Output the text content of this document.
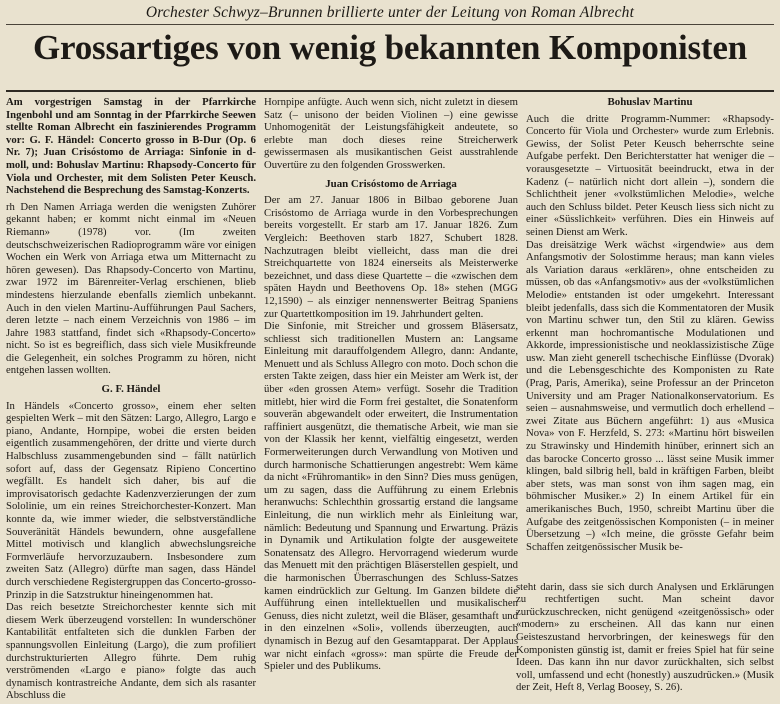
Orchester Schwyz–Brunnen brillierte unter der Leitung von Roman Albrecht
Grossartiges von wenig bekannten Komponisten

Am vorgestrigen Samstag in der Pfarrkirche Ingenbohl und am Sonntag in der Pfarrkirche Seewen stellte Roman Albrecht ein faszinierendes Programm vor: G. F. Händel: Concerto grosso in B-Dur (Op. 6 Nr. 7); Juan Crisóstomo de Arriaga: Sinfonie in d-moll, und: Bohuslav Martinu: Rhapsody-Concerto für Viola und Orchester, mit dem Solisten Peter Keusch. Nachstehend die Besprechung des Samstag-Konzerts.

rh Den Namen Arriaga werden die wenigsten Zuhörer gekannt haben; er kommt nicht einmal im «Neuen Riemann» (1978) vor. (Im zweiten deutschschweizerischen Radioprogramm wäre vor einigen Wochen ein Werk von Arriaga etwa um Mitternacht zu hören gewesen). Das Rhapsody-Concerto von Martinu, zwar 1972 im Bärenreiter-Verlag erschienen, blieb mindestens hierzulande ebenfalls ziemlich unbekannt. Auch in den vielen Martinu-Aufführungen Paul Sachers, deren letzte – nach einem Verzeichnis von 1986 – im Jahre 1983 stattfand, findet sich «Rhapsody-Concerto» nicht. So ist es begreiflich, dass sich viele Musikfreunde die Gelegenheit, ein solches Programm zu hören, nicht entgehen lassen wollten.

G. F. Händel

In Händels «Concerto grosso», einem eher selten gespielten Werk – mit den Sätzen: Largo, Allegro, Largo e piano, Andante, Hornpipe, wobei die ersten beiden eigentlich zusammengehören, der dritte und vierte durch Halbschluss zusammengebunden sind – fällt natürlich sofort auf, dass der Gegensatz Ripieno Concertino wegfällt. Es handelt sich daher, bis auf die improvisatorisch gedachte Kadenzverzierungen der zum Sololinie, um ein reines Streichorchester-Konzert. Man konnte da, wie immer wieder, die selbstverständliche Souveränität Händels bewundern, ohne ausgefallene Mittel motivisch und klanglich abwechslungsreiche Formverläufe hervorzuzaubern. Insbesondere zum zweiten Satz (Allegro) dürfte man sagen, dass Händel durch verschiedene Registergruppen das Concerto-grosso-Prinzip in die Satzstruktur hineingenommen hat.

Das reich besetzte Streichorchester kennte sich mit diesem Werk überzeugend vorstellen: In wunderschöner Kantabilität entfalteten sich die dunklen Farben der spannungsvollen Einleitung (Largo), die zum profiliert durchstrukturierten Allegro führte. Dem ruhig verströmenden «Largo e piano» folgte das auch dynamisch kontrastreiche Andante, dem sich als rasanter Abschluss die

Hornpipe anfügte. Auch wenn sich, nicht zuletzt in diesem Satz (– unisono der beiden Violinen –) eine gewisse Unhomogenität der Leistungsfähigkeit andeutete, so erlebte man doch dieses reine Streicherwerk gewissermasen als musikantischen Geist ausstrahlende Ouvertüre zu den folgenden Grosswerken.

Juan Crisóstomo de Arriaga

Der am 27. Januar 1806 in Bilbao geborene Juan Crisóstomo de Arriaga wurde in den Vorbesprechungen bereits vorgestellt. Er starb am 17. Januar 1826. Zum Vergleich: Beethoven starb 1827, Schubert 1828. Nachzutragen bleibt vielleicht, dass man die drei Streichquartette von 1824 einerseits als Meisterwerke bezeichnet, und dass diese Quartette – die «zwischen dem späten Haydn und Beethovens Op. 18» stehen (MGG 12,1590) – als einziger nennenswerter Beitrag Spaniens zur Quartettkomposition im 19. Jahrhundert gelten.

Die Sinfonie, mit Streicher und grossem Bläsersatz, schliesst sich traditionellen Mustern an: Langsame Einleitung mit darauffolgendem Allegro, dann: Andante, Menuett und als Schluss Allegro con moto. Doch schon die ersten Takte zeigen, dass hier ein Meister am Werk ist, der über «den grossen Atem» verfügt. Sosehr die Tradition mitlebt, hier wird die Form frei gestaltet, die Sonatenform souverän abgewandelt oder erweitert, die Instrumentation raffiniert ausgenützt, die thematische Arbeit, wie man sie von der Klassik her kennt, vielfältig eingesetzt, werden Formerweiterungen durch Verwandlung von Motiven und durch harmonische Schattierungen angestrebt: Wem käme da nicht «Frühromantik» in den Sinn? Dies muss genügen, um zu sagen, dass die Aufführung zu einem Erlebnis heranwuchs: Schlechthin grossartig erstand die langsame Einleitung, die nun wirklich mehr als Einleitung war, nämlich: Bedeutung und Spannung und Erwartung. Präzis in Dynamik und Artikulation folgte der ausgeweitete Sonatensatz des Allegro. Hervorragend wiederum wurde das Menuett mit den prächtigen Bläserstellen gespielt, und die harmonischen Überraschungen des Schluss-Satzes kamen eindrücklich zur Geltung. Im Ganzen bildete die Aufführung einen intellektuellen und musikalischen Genuss, dies nicht zuletzt, weil die Bläser, gesamthaft und in den einzelnen «Soli», vollends überzeugten, auch dynamisch in Bezug auf den Gesamtapparat. Der Applaus war nicht einfach «gross»: man spürte die Freude der Spieler und des Publikums.

Bohuslav Martinu

Auch die dritte Programm-Nummer: «Rhapsody-Concerto für Viola und Orchester» wurde zum Erlebnis. Gewiss, der Solist Peter Keusch beherrschte seine Aufgabe perfekt. Den Berichterstatter hat weniger die – vorausgesetzte – Virtuosität beeindruckt, etwa in der Kadenz (– natürlich nicht dort allein –), sondern die Schlichtheit jener «volkstümlichen Melodie», welche auch den Schluss bildet. Peter Keusch liess sich nicht zu einer «Süsslichkeit» verführen. Dies ein Hinweis auf seinen Dienst am Werk.

Das dreisätzige Werk wächst «irgendwie» aus dem Anfangsmotiv der Solostimme heraus; man kann vieles als Variation daraus «erklären», ohne entscheiden zu müssen, ob das «Anfangsmotiv» aus der «volkstümlichen Melodie» entstanden ist oder umgekehrt. Interessant bleibt jedenfalls, dass sich die Kommentatoren der Musik von Martinu schwer tun, den Stil zu klären. Gewiss erkennt man hochromantische Modulationen und Akkorde, impressionistische und neoklassizistische Züge usw. Man zieht generell tschechische Einflüsse (Dvorak) und die Lebensgeschichte des Komponisten zu Rate (Prag, Paris, Amerika), seine Professur an der Princeton University und am Prager Nationalkonservatorium. Es seien – ausnahmsweise, und vermutlich doch erhellend – zwei Zitate aus Büchern angeführt: 1) aus «Musica Nova» von F. Herzfeld, S. 273: «Martinu hört bisweilen zu Strawinsky und Hindemith hinüber, erinnert sich an das barocke Concerto grosso ... lässt seine Musik immer klingen, bald silbrig hell, bald in kräftigen Farben, bleibt aber stets, was man sonst von ihm sagen mag, ein böhmischer Musiker.» 2) In einem Artikel für ein amerikanisches Buch, 1950, schreibt Martinu über die Aufgabe des zeitgenössischen Komponisten (– in meiner Übersetzung –) «Ich meine, die grösste Gefahr beim Schaffen zeitgenössischer Musik be-

steht darin, dass sie sich durch Analysen und Erklärungen zu rechtfertigen sucht. Man scheint davor zurückzuschrecken, nicht genügend «zeitgenössisch» oder «modern» zu erscheinen. All das kann nur einen Geisteszustand hervorbringen, der keineswegs für den Komponisten günstig ist, damit er freies Spiel hat für seine Ideen. Das kann ihn nur davor zurückhalten, sich selbst voll, umfassend und echt (honestly) auszudrücken.» (Musik der Zeit, Heft 8, Verlag Boosey, S. 26).
